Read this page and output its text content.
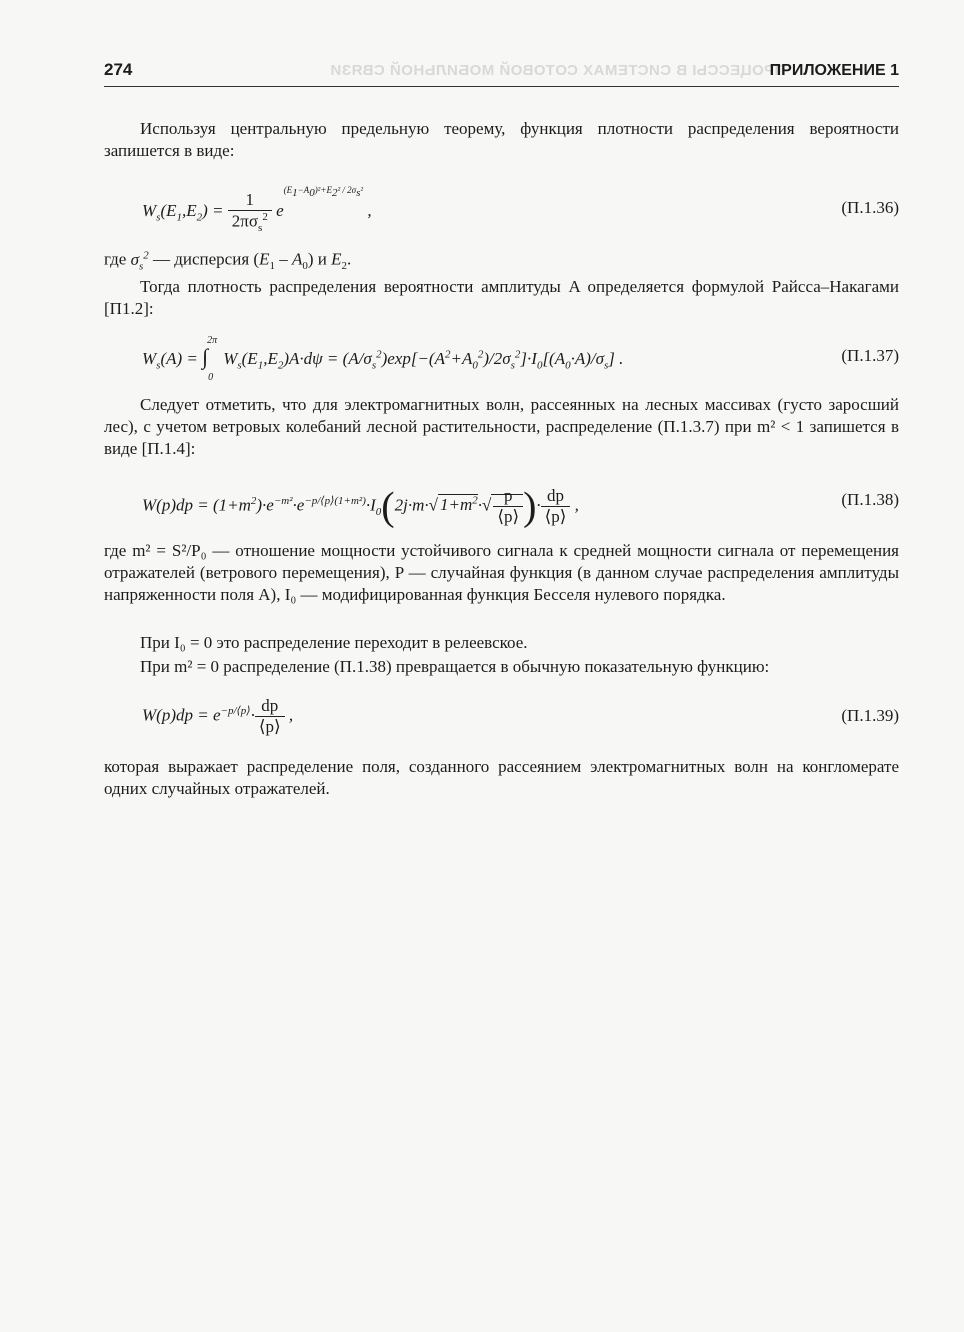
ПРОЦЕССЫ В СИСТЕМАХ СОТОВОЙ МОБИЛЬНОЙ СВЯЗИ
274	ПРИЛОЖЕНИЕ 1
Используя центральную предельную теорему, функция плотности распределения вероятности запишется в виде:
$W_s(E_1,E_2) = \frac{1}{2\pi\sigma_s^2} e^{(E_1-A_0)^2+E_2^2 / 2\sigma_s^2}$ ,	(П.1.36)
где $\sigma_s^2$ — дисперсия $(E_1 - A_0)$ и $E_2$.
Тогда плотность распределения вероятности амплитуды A определяется формулой Райсса–Накагами [П1.2]:
$W_s(A) = \int_0^{2\pi}W_s(E_1,E_2)A\cdot d\psi = (A/\sigma_s^2)\exp[-(A^2+A_0^2)/2\sigma_s^2]\cdot I_0[(A_0\cdot A)/\sigma_s]$ .	(П.1.37)
Следует отметить, что для электромагнитных волн, рассеянных на лесных массивах (густо заросший лес), с учетом ветровых колебаний лесной растительности, распределение (П.1.3.7) при m² < 1 запишется в виде [П.1.4]:
$W(p)dp = (1+m^2)\cdot e^{-m^2}\cdot e^{-p/⟨p⟩(1+m^2)}\cdot I_0(2j\cdot m\cdot√$ $1+m^2\cdot√ \frac{p}{⟨p⟩}$ )· $\frac{dp}{⟨p⟩}$ ,	(П.1.38)
где m² = S²/P₀ — отношение мощности устойчивого сигнала к средней мощности сигнала от перемещения отражателей (ветрового перемещения), P — случайная функция (в данном случае распределения амплитуды напряженности поля A), I₀ — модифицированная функция Бесселя нулевого порядка.
При I₀ = 0 это распределение переходит в релеевское.
При m² = 0 распределение (П.1.38) превращается в обычную показательную функцию:
$W(p)dp = e^{-p/⟨p⟩}\cdot \frac{dp}{⟨p⟩}$ ,	(П.1.39)
которая выражает распределение поля, созданного рассеянием электромагнитных волн на конгломерате одних случайных отражателей.
